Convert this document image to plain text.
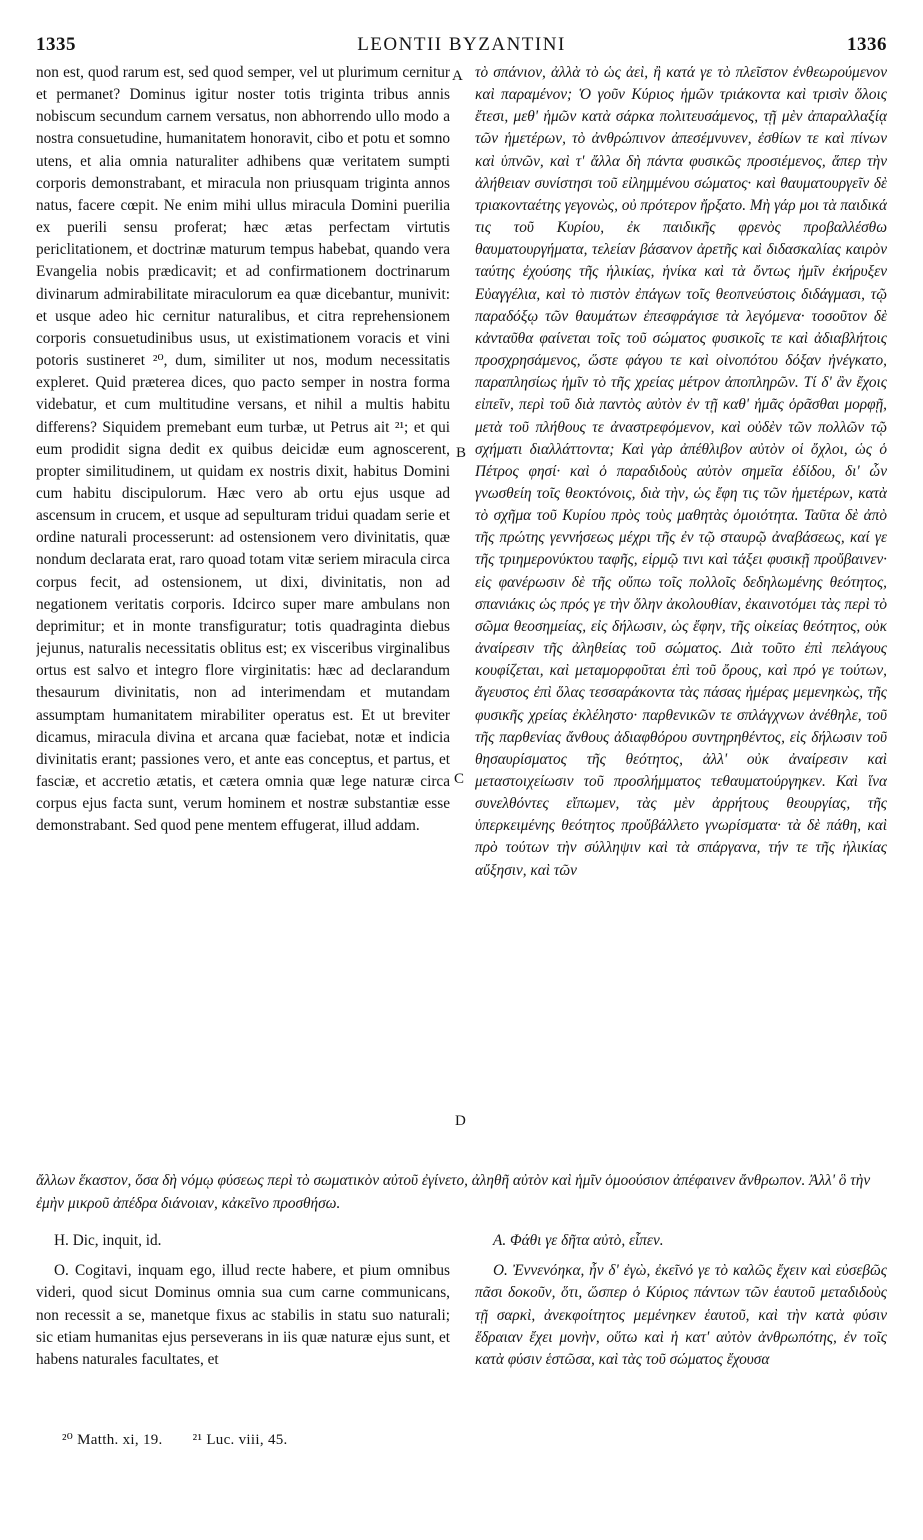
1335	LEONTII BYZANTINI	1336
non est, quod rarum est, sed quod semper, vel ut plurimum cernitur et permanet? Dominus igitur noster totis triginta tribus annis nobiscum secundum carnem versatus, non abhorrendo ullo modo a nostra consuetudine, humanitatem honoravit, cibo et potu et somno utens, et alia omnia naturaliter adhibens quæ veritatem sumpti corporis demonstrabant, et miracula non priusquam triginta annos natus, facere cœpit. Ne enim mihi ullus miracula Domini puerilia ex puerili sensu proferat; hæc ætas perfectam virtutis periclitationem, et doctrinæ maturum tempus habebat, quando vera Evangelia nobis prædicavit; et ad confirmationem doctrinarum divinarum admirabilitate miraculorum ea quæ dicebantur, munivit: et usque adeo hic cernitur naturalibus, et citra reprehensionem corporis consuetudinibus usus, ut existimationem voracis et vini potoris sustineret ²⁰, dum, similiter ut nos, modum necessitatis expleret. Quid præterea dices, quo pacto semper in nostra forma videbatur, et cum multitudine versans, et nihil a multis habitu differens? Siquidem premebant eum turbæ, ut Petrus ait ²¹; et qui eum prodidit signa dedit ex quibus deicidæ eum agnoscerent, propter similitudinem, ut quidam ex nostris dixit, habitus Domini cum habitu discipulorum. Hæc vero ab ortu ejus usque ad ascensum in crucem, et usque ad sepulturam tridui quadam serie et ordine naturali processerunt: ad ostensionem vero divinitatis, quæ nondum declarata erat, raro quoad totam vitæ seriem miracula circa corpus fecit, ad ostensionem, ut dixi, divinitatis, non ad negationem veritatis corporis. Idcirco super mare ambulans non deprimitur; et in monte transfiguratur; totis quadraginta diebus jejunus, naturalis necessitatis oblitus est; ex visceribus virginalibus ortus est salvo et integro flore virginitatis: hæc ad declarandum thesaurum divinitatis, non ad interimendam et mutandam assumptam humanitatem mirabiliter operatus est. Et ut breviter dicamus, miracula divina et arcana quæ faciebat, notæ et indicia divinitatis erant; passiones vero, et ante eas conceptus, et partus, et fasciæ, et accretio ætatis, et cætera omnia quæ lege naturæ circa corpus ejus facta sunt, verum hominem et nostræ substantiæ esse demonstrabant. Sed quod pene mentem effugerat, illud addam.
τὸ σπάνιον, ἀλλὰ τὸ ὡς ἀεὶ, ἢ κατά γε τὸ πλεῖστον ἐνθεωρούμενον καὶ παραμένον; Ὁ γοῦν Κύριος ἡμῶν τριάκοντα καὶ τρισὶν ὅλοις ἔτεσι, μεθ' ἡμῶν κατὰ σάρκα πολιτευσάμενος, τῇ μὲν ἀπαραλλαξίᾳ τῶν ἡμετέρων, τὸ ἀνθρώπινον ἀπεσέμνυνεν, ἐσθίων τε καὶ πίνων καὶ ὑπνῶν, καὶ τ' ἄλλα δὴ πάντα φυσικῶς προσιέμενος, ἅπερ τὴν ἀλήθειαν συνίστησι τοῦ εἰλημμένου σώματος· καὶ θαυματουργεῖν δὲ τριακονταέτης γεγονὼς, οὐ πρότερον ἤρξατο. Μὴ γάρ μοι τὰ παιδικά τις τοῦ Κυρίου, ἐκ παιδικῆς φρενὸς προβαλλέσθω θαυματουργήματα, τελείαν βάσανον ἀρετῆς καὶ διδασκαλίας καιρὸν ταύτης ἐχούσης τῆς ἡλικίας, ἡνίκα καὶ τὰ ὄντως ἡμῖν ἐκήρυξεν Εὐαγγέλια, καὶ τὸ πιστὸν ἐπάγων τοῖς θεοπνεύστοις διδάγμασι, τῷ παραδόξῳ τῶν θαυμάτων ἐπεσφράγισε τὰ λεγόμενα· τοσοῦτον δὲ κἀνταῦθα φαίνεται τοῖς τοῦ σώματος φυσικοῖς τε καὶ ἀδιαβλήτοις προσχρησάμενος, ὥστε φάγου τε καὶ οἰνοπότου δόξαν ἠνέγκατο, παραπλησίως ἡμῖν τὸ τῆς χρείας μέτρον ἀποπληρῶν. Τί δ' ἂν ἔχοις εἰπεῖν, περὶ τοῦ διὰ παντὸς αὐτὸν ἐν τῇ καθ' ἡμᾶς ὁρᾶσθαι μορφῇ, μετὰ τοῦ πλήθους τε ἀναστρεφόμενον, καὶ οὐδὲν τῶν πολλῶν τῷ σχήματι διαλλάττοντα; Καὶ γὰρ ἀπέθλιβον αὐτὸν οἱ ὄχλοι, ὡς ὁ Πέτρος φησί· καὶ ὁ παραδιδοὺς αὐτὸν σημεῖα ἐδίδου, δι' ὧν γνωσθείη τοῖς θεοκτόνοις, διὰ τὴν, ὡς ἔφη τις τῶν ἡμετέρων, κατὰ τὸ σχῆμα τοῦ Κυρίου πρὸς τοὺς μαθητὰς ὁμοιότητα. Ταῦτα δὲ ἀπὸ τῆς πρώτης γεννήσεως μέχρι τῆς ἐν τῷ σταυρῷ ἀναβάσεως, καί γε τῆς τριημερονύκτου ταφῆς, εἱρμῷ τινι καὶ τάξει φυσικῇ προὔβαινεν· εἰς φανέρωσιν δὲ τῆς οὔπω τοῖς πολλοῖς δεδηλωμένης θεότητος, σπανιάκις ὡς πρός γε τὴν ὅλην ἀκολουθίαν, ἐκαινοτόμει τὰς περὶ τὸ σῶμα θεοσημείας, εἰς δήλωσιν, ὡς ἔφην, τῆς οἰκείας θεότητος, οὐκ ἀναίρεσιν τῆς ἀληθείας τοῦ σώματος. Διὰ τοῦτο ἐπὶ πελάγους κουφίζεται, καὶ μεταμορφοῦται ἐπὶ τοῦ ὄρους, καὶ πρό γε τούτων, ἄγευστος ἐπὶ ὅλας τεσσαράκοντα τὰς πάσας ἡμέρας μεμενηκὼς, τῆς φυσικῆς χρείας ἐκλέληστο· παρθενικῶν τε σπλάγχνων ἀνέθηλε, τοῦ τῆς παρθενίας ἄνθους ἀδιαφθόρου συντηρηθέντος, εἰς δήλωσιν τοῦ θησαυρίσματος τῆς θεότητος, ἀλλ' οὐκ ἀναίρεσιν καὶ μεταστοιχείωσιν τοῦ προσλήμματος τεθαυματούργηκεν. Καὶ ἵνα συνελθόντες εἴπωμεν, τὰς μὲν ἀρρήτους θεουργίας, τῆς ὑπερκειμένης θεότητος προὔβάλλετο γνωρίσματα· τὰ δὲ πάθη, καὶ πρὸ τούτων τὴν σύλληψιν καὶ τὰ σπάργανα, τήν τε τῆς ἡλικίας αὔξησιν, καὶ τῶν
A
B
C
D
ἄλλων ἕκαστον, ὅσα δὴ νόμῳ φύσεως περὶ τὸ σωματικὸν αὐτοῦ ἐγίνετο, ἀληθῆ αὐτὸν καὶ ἡμῖν ὁμοούσιον ἀπέφαινεν ἄνθρωπον. Ἀλλ' ὃ τὴν ἐμὴν μικροῦ ἀπέδρα διάνοιαν, κἀκεῖνο προσθήσω.

H. Dic, inquit, id.

O. Cogitavi, inquam ego, illud recte habere, et pium omnibus videri, quod sicut Dominus omnia sua cum carne communicans, non recessit a se, manetque fixus ac stabilis in statu suo naturali; sic etiam humanitas ejus perseverans in iis quæ naturæ ejus sunt, et habens naturales facultates, et

Α. Φάθι γε δῆτα αὐτὸ, εἶπεν.

Ο. Ἐννενόηκα, ἦν δ' ἐγὼ, ἐκεῖνό γε τὸ καλῶς ἔχειν καὶ εὐσεβῶς πᾶσι δοκοῦν, ὅτι, ὥσπερ ὁ Κύριος πάντων τῶν ἑαυτοῦ μεταδιδοὺς τῇ σαρκὶ, ἀνεκφοίτητος μεμένηκεν ἑαυτοῦ, καὶ τὴν κατὰ φύσιν ἕδραιαν ἔχει μονὴν, οὕτω καὶ ἡ κατ' αὐτὸν ἀνθρωπότης, ἐν τοῖς κατὰ φύσιν ἑστῶσα, καὶ τὰς τοῦ σώματος ἔχουσα

²⁰ Matth. xi, 19. ²¹ Luc. viii, 45.
